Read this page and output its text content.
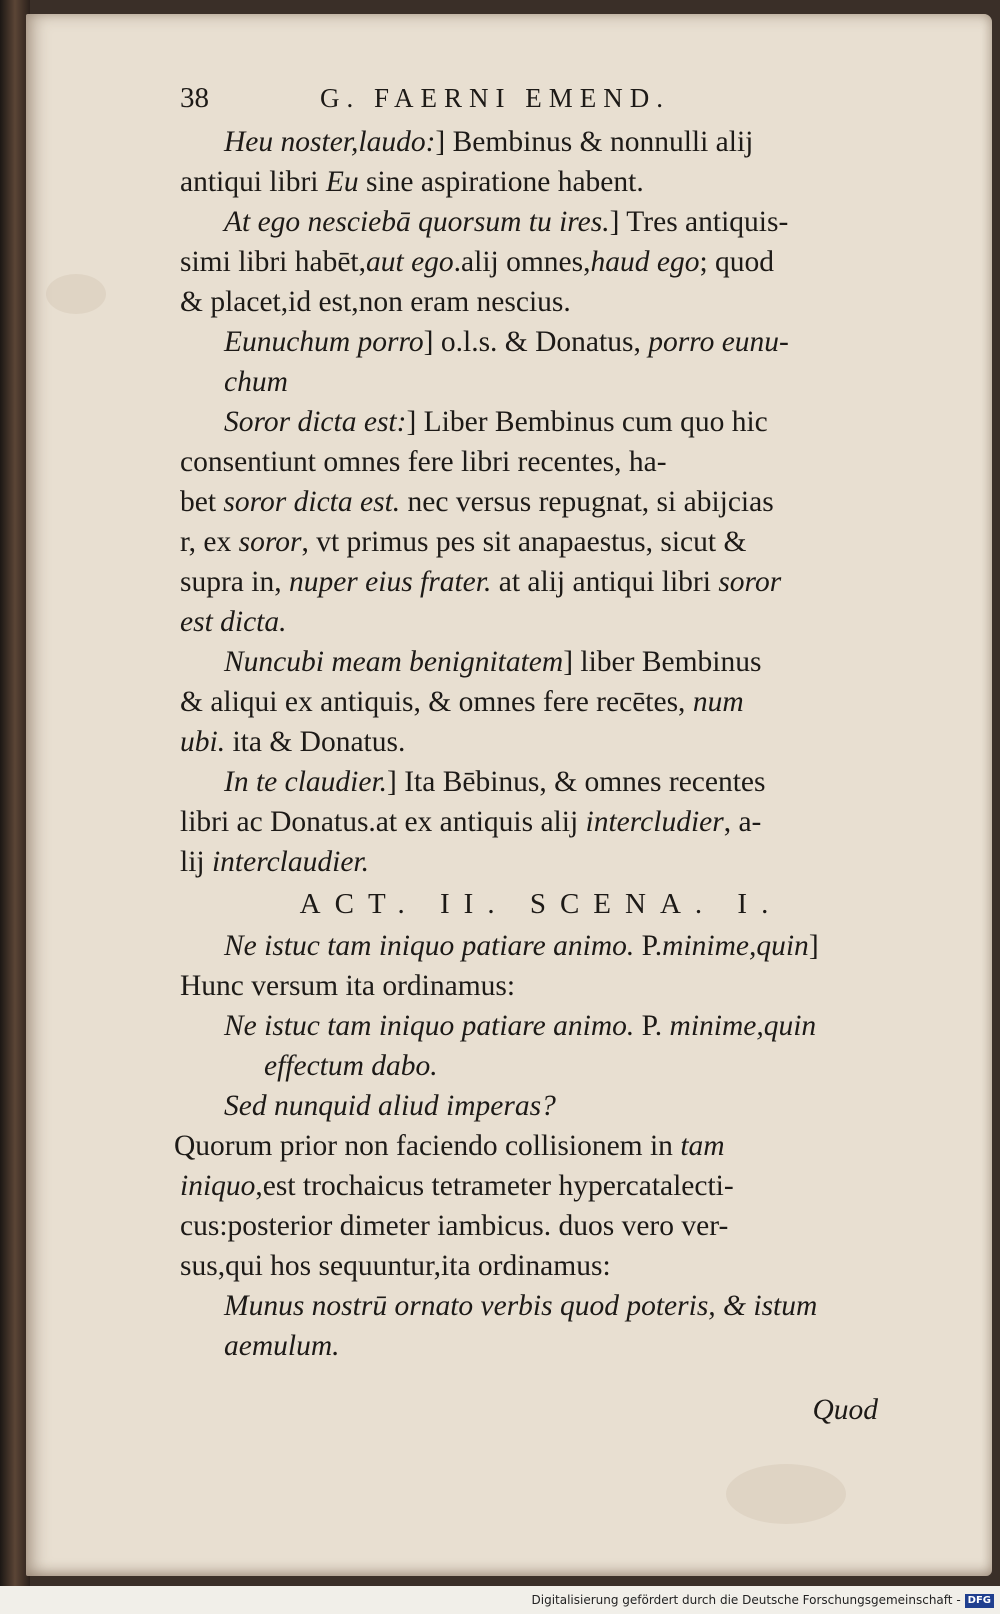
38	G. FAERNI EMEND.
Heu noster,laudo:] Bembinus & nonnulli alij
antiqui libri Eu sine aspiratione habent.
At ego nesciebā quorsum tu ires.] Tres antiquis-
simi libri habēt,aut ego.alij omnes,haud ego; quod
& placet,id est,non eram nescius.
Eunuchum porro] o.l.s. & Donatus, porro eunu-
chum
Soror dicta est:] Liber Bembinus cum quo hic
consentiunt omnes fere libri recentes, ha-
bet soror dicta est. nec versus repugnat, si abijcias
r, ex soror, vt primus pes sit anapaestus, sicut &
supra in, nuper eius frater. at alij antiqui libri soror
est dicta.
Nuncubi meam benignitatem] liber Bembinus
& aliqui ex antiquis, & omnes fere recētes, num
ubi. ita & Donatus.
In te claudier.] Ita Bēbinus, & omnes recentes
libri ac Donatus.at ex antiquis alij intercludier, a-
lij interclaudier.
ACT. II. SCENA. I.
Ne istuc tam iniquo patiare animo. P.minime,quin]
Hunc versum ita ordinamus:
Ne istuc tam iniquo patiare animo. P. minime,quin
effectum dabo.
Sed nunquid aliud imperas?
Quorum prior non faciendo collisionem in tam
iniquo,est trochaicus tetrameter hypercatalecti-
cus:posterior dimeter iambicus. duos vero ver-
sus,qui hos sequuntur,ita ordinamus:
Munus nostrū ornato verbis quod poteris, & istum
aemulum.
Quod
Digitalisierung gefördert durch die Deutsche Forschungsgemeinschaft - DFG
